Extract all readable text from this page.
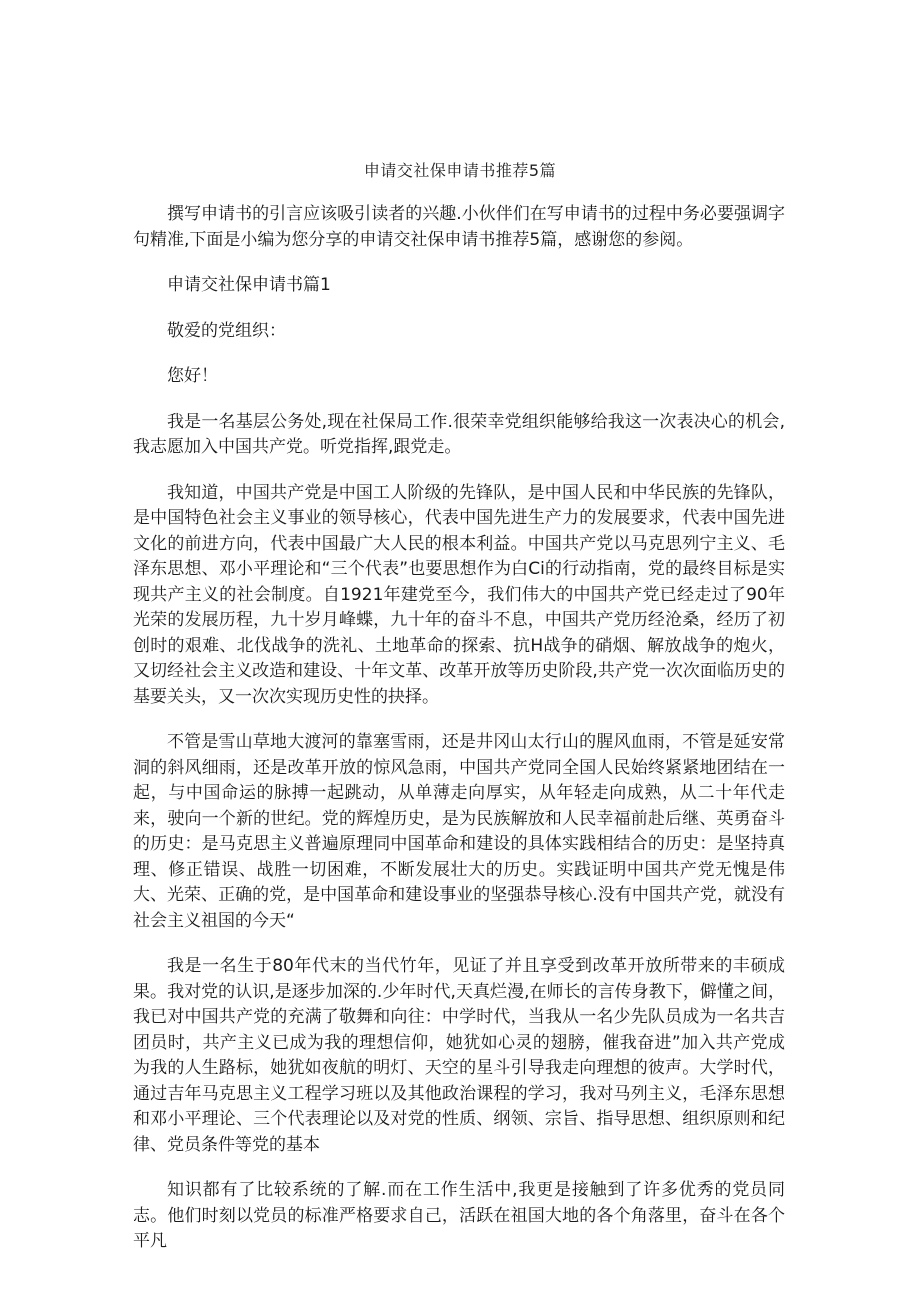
申请交社保申请书推荐5篇

撰写申请书的引言应该吸引读者的兴趣.小伙伴们在写申请书的过程中务必要强调字句精准,下面是小编为您分享的申请交社保申请书推荐5篇，感谢您的参阅。

申请交社保申请书篇1

敬爱的党组织：

您好！

我是一名基层公务处,现在社保局工作.很荣幸党组织能够给我这一次表决心的机会,我志愿加入中国共产党。听党指挥,跟党走。

我知道，中国共产党是中国工人阶级的先锋队，是中国人民和中华民族的先锋队，是中国特色社会主义事业的领导核心，代表中国先进生产力的发展要求，代表中国先进文化的前进方向，代表中国最广大人民的根本利益。中国共产党以马克思列宁主义、毛泽东思想、邓小平理论和“三个代表”也要思想作为白Ci的行动指南，党的最终目标是实现共产主义的社会制度。自1921年建党至今，我们伟大的中国共产党已经走过了90年光荣的发展历程，九十岁月峰蝶，九十年的奋斗不息，中国共产党历经沧桑，经历了初创时的艰难、北伐战争的洗礼、土地革命的探索、抗H战争的硝烟、解放战争的炮火，又切经社会主义改造和建设、十年文革、改革开放等历史阶段,共产党一次次面临历史的基要关头，又一次次实现历史性的抉择。

不管是雪山草地大渡河的靠塞雪雨，还是井冈山太行山的腥风血雨，不管是延安常洞的斜风细雨，还是改革开放的惊风急雨，中国共产党同全国人民始终紧紧地团结在一起，与中国命运的脉搏一起跳动，从单薄走向厚实，从年轻走向成熟，从二十年代走来，驶向一个新的世纪。党的辉煌历史，是为民族解放和人民幸福前赴后继、英勇奋斗的历史：是马克思主义普遍原理同中国革命和建设的具体实践相结合的历史：是坚持真理、修正错误、战胜一切困难，不断发展壮大的历史。实践证明中国共产党无愧是伟大、光荣、正确的党，是中国革命和建设事业的坚强恭导核心.没有中国共产党，就没有社会主义祖国的今天“

我是一名生于80年代末的当代竹年，见证了并且享受到改革开放所带来的丰硕成果。我对党的认识,是逐步加深的.少年时代,天真烂漫,在师长的言传身教下，僻懂之间，我已对中国共产党的充满了敬舞和向往：中学时代，当我从一名少先队员成为一名共吉团员时，共产主义已成为我的理想信仰，她犹如心灵的翅膀，催我奋进”加入共产党成为我的人生路标，她犹如夜航的明灯、天空的星斗引导我走向理想的彼声。大学时代，通过吉年马克思主义工程学习班以及其他政治课程的学习，我对马列主义，毛泽东思想和邓小平理论、三个代表理论以及对党的性质、纲领、宗旨、指导思想、组织原则和纪律、党员条件等党的基本

知识都有了比较系统的了解.而在工作生活中,我更是接触到了许多优秀的党员同志。他们时刻以党员的标准严格要求自己，活跃在祖国大地的各个角落里，奋斗在各个平凡
